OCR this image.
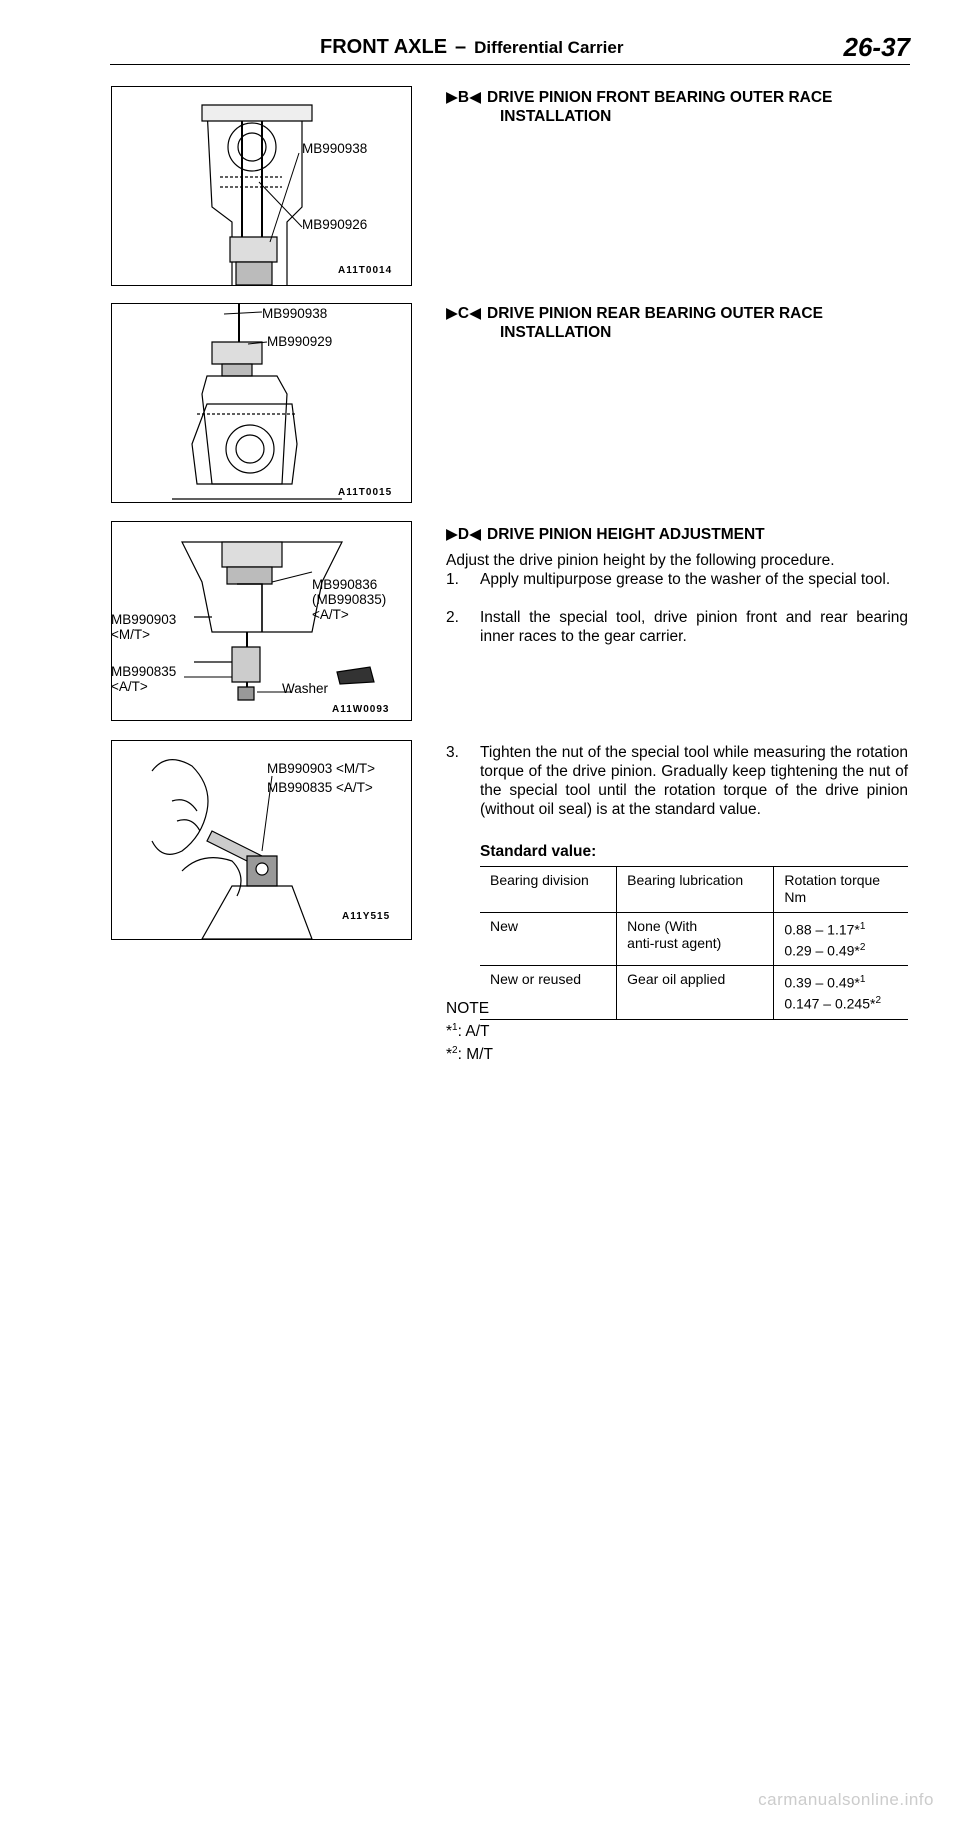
FRONT AXLE – Differential Carrier	26-37
MB990938
MB990926
A11T0014
▶B◀ DRIVE PINION FRONT BEARING OUTER RACE
INSTALLATION
MB990938
MB990929
A11T0015
▶C◀ DRIVE PINION REAR BEARING OUTER RACE
INSTALLATION
MB990903
<M/T>
MB990835
<A/T>
MB990836
(MB990835)
<A/T>
Washer
A11W0093
▶D◀ DRIVE PINION HEIGHT ADJUSTMENT
Adjust the drive pinion height by the following procedure.
1. Apply multipurpose grease to the washer of the special tool.
2. Install the special tool, drive pinion front and rear bearing inner races to the gear carrier.
MB990903 <M/T>
MB990835 <A/T>
A11Y515
3. Tighten the nut of the special tool while measuring the rotation torque of the drive pinion. Gradually keep tightening the nut of the special tool until the rotation torque of the drive pinion (without oil seal) is at the standard value.
Standard value:
Bearing division	Bearing lubrication	Rotation torque
Nm
New	None (With
anti-rust agent)	0.88 – 1.17*$^1$
0.29 – 0.49*$^2$
New or reused	Gear oil applied	0.39 – 0.49*$^1$
0.147 – 0.245*$^2$
NOTE
*$^1$: A/T
*$^2$: M/T
carmanualsonline.info
